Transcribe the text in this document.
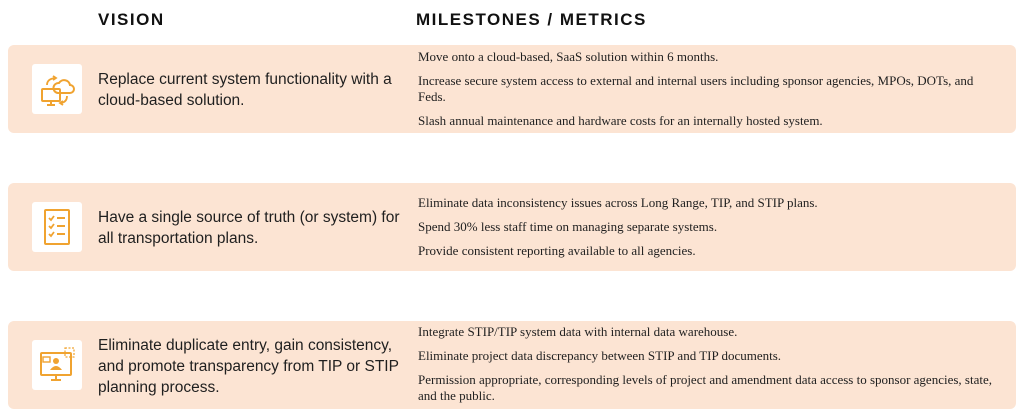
VISION	MILESTONES / METRICS
Replace current system functionality with a cloud-based solution.
Move onto a cloud-based, SaaS solution within 6 months.
Increase secure system access to external and internal users including sponsor agencies, MPOs, DOTs, and Feds.
Slash annual maintenance and hardware costs for an internally hosted system.
Have a single source of truth (or system) for all transportation plans.
Eliminate data inconsistency issues across Long Range, TIP, and STIP plans.
Spend 30% less staff time on managing separate systems.
Provide consistent reporting available to all agencies.
Eliminate duplicate entry, gain consistency, and promote transparency from TIP or STIP planning process.
Integrate STIP/TIP system data with internal data warehouse.
Eliminate project data discrepancy between STIP and TIP documents.
Permission appropriate, corresponding levels of project and amendment data access to sponsor agencies, state, and the public.
